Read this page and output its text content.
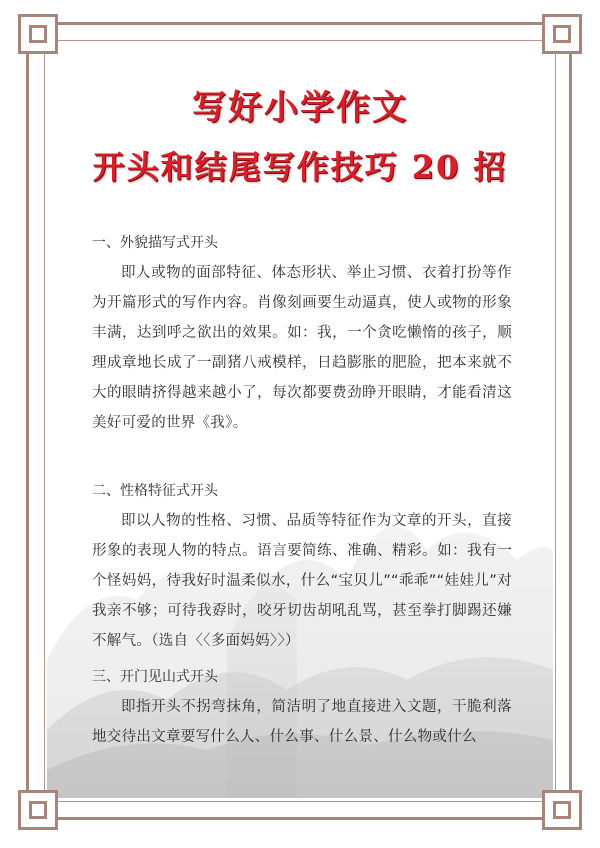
写好小学作文
开头和结尾写作技巧 20 招

一、外貌描写式开头

即人或物的面部特征、体态形状、举止习惯、衣着打扮等作为开篇形式的写作内容。肖像刻画要生动逼真，使人或物的形象丰满，达到呼之欲出的效果。如：我，一个贪吃懒惰的孩子，顺理成章地长成了一副猪八戒模样，日趋膨胀的肥脸，把本来就不大的眼睛挤得越来越小了，每次都要费劲睁开眼睛，才能看清这美好可爱的世界《我》。

二、性格特征式开头

即以人物的性格、习惯、品质等特征作为文章的开头，直接形象的表现人物的特点。语言要简练、准确、精彩。如：我有一个怪妈妈，待我好时温柔似水，什么“宝贝儿”“乖乖”“娃娃儿”对我亲不够；可待我孬时，咬牙切齿胡吼乱骂，甚至拳打脚踢还嫌不解气。（选自〈〈多面妈妈〉〉）

三、开门见山式开头

即指开头不拐弯抹角，简洁明了地直接进入文题，干脆利落地交待出文章要写什么人、什么事、什么景、什么物或什么
